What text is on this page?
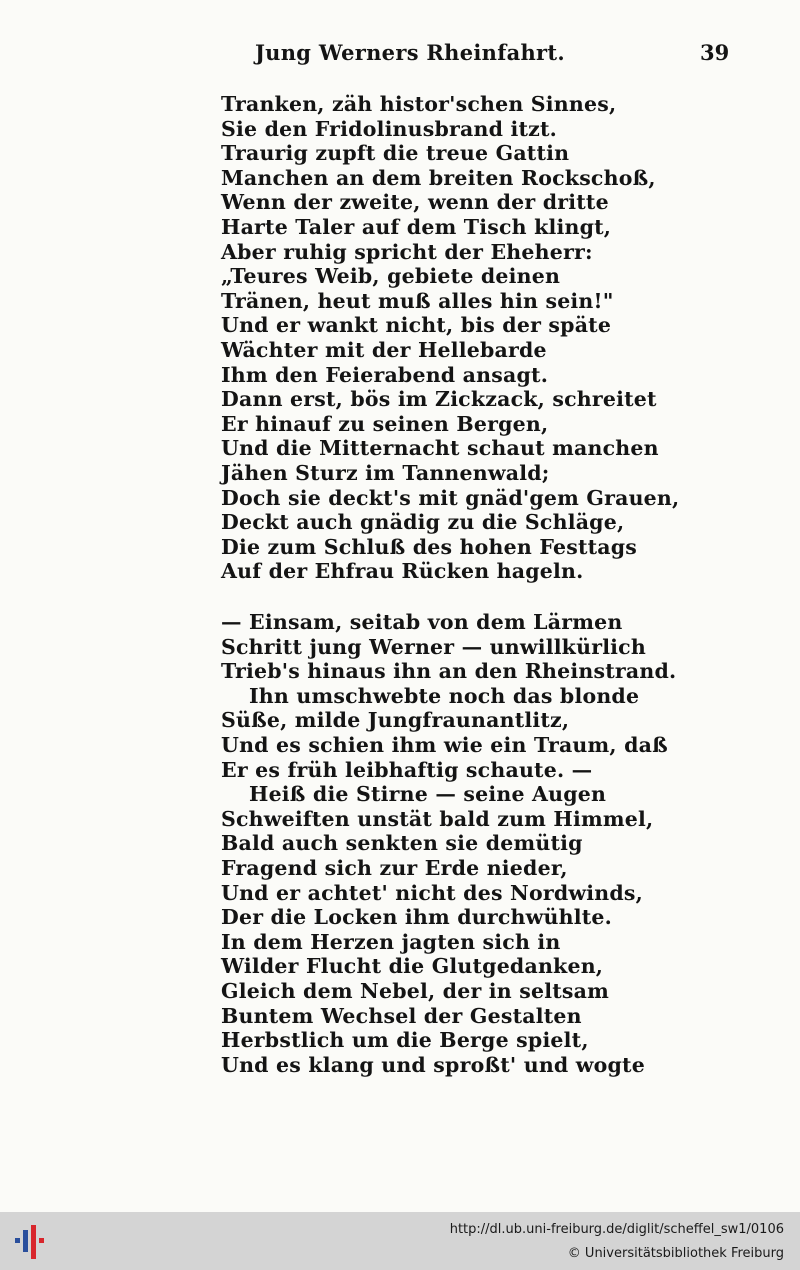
Jung Werners Rheinfahrt.	39
Tranken, zäh histor'schen Sinnes,
Sie den Fridolinusbrand itzt.
Traurig zupft die treue Gattin
Manchen an dem breiten Rockschoß,
Wenn der zweite, wenn der dritte
Harte Taler auf dem Tisch klingt,
Aber ruhig spricht der Eheherr:
„Teures Weib, gebiete deinen
Tränen, heut muß alles hin sein!"
Und er wankt nicht, bis der späte
Wächter mit der Hellebarde
Ihm den Feierabend ansagt.
Dann erst, bös im Zickzack, schreitet
Er hinauf zu seinen Bergen,
Und die Mitternacht schaut manchen
Jähen Sturz im Tannenwald;
Doch sie deckt's mit gnäd'gem Grauen,
Deckt auch gnädig zu die Schläge,
Die zum Schluß des hohen Festtags
Auf der Ehfrau Rücken hageln.
— Einsam, seitab von dem Lärmen
Schritt jung Werner — unwillkürlich
Trieb's hinaus ihn an den Rheinstrand.
Ihn umschwebte noch das blonde
Süße, milde Jungfraunantlitz,
Und es schien ihm wie ein Traum, daß
Er es früh leibhaftig schaute. —
Heiß die Stirne — seine Augen
Schweiften unstät bald zum Himmel,
Bald auch senkten sie demütig
Fragend sich zur Erde nieder,
Und er achtet' nicht des Nordwinds,
Der die Locken ihm durchwühlte.
In dem Herzen jagten sich in
Wilder Flucht die Glutgedanken,
Gleich dem Nebel, der in seltsam
Buntem Wechsel der Gestalten
Herbstlich um die Berge spielt,
Und es klang und sproßt' und wogte
http://dl.ub.uni-freiburg.de/diglit/scheffel_sw1/0106
© Universitätsbibliothek Freiburg
